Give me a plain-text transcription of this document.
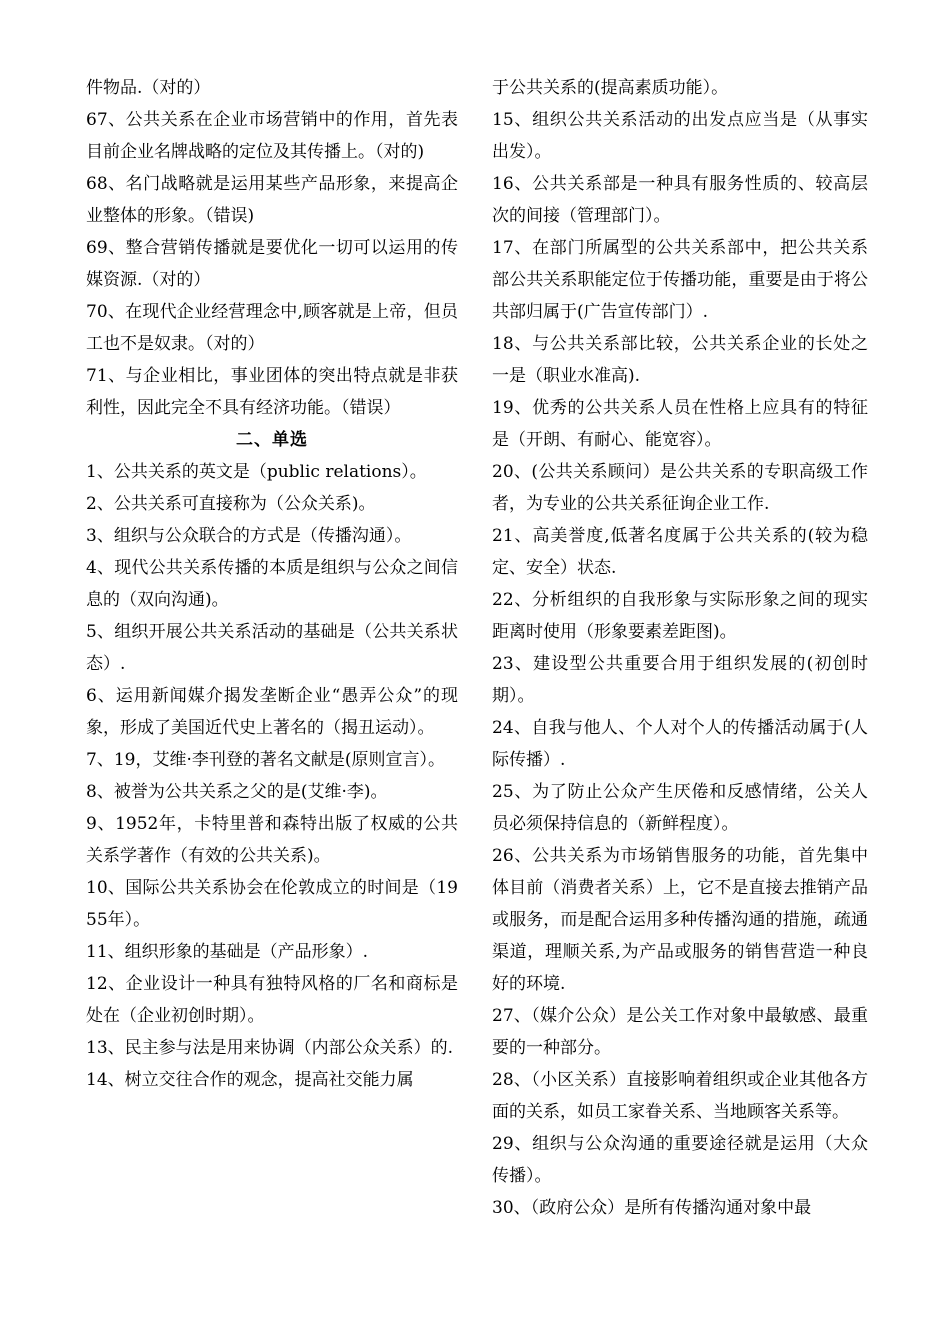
件物品.（对的）

67、公共关系在企业市场营销中的作用，首先表目前企业名牌战略的定位及其传播上。（对的)

68、名门战略就是运用某些产品形象，来提高企业整体的形象。（错误)

69、整合营销传播就是要优化一切可以运用的传媒资源.（对的）

70、在现代企业经营理念中,顾客就是上帝，但员工也不是奴隶。（对的）

71、与企业相比，事业团体的突出特点就是非获利性，因此完全不具有经济功能。（错误）

二、单选

1、公共关系的英文是（public relations）。

2、公共关系可直接称为（公众关系)。

3、组织与公众联合的方式是（传播沟通）。

4、现代公共关系传播的本质是组织与公众之间信息的（双向沟通)。

5、组织开展公共关系活动的基础是（公共关系状态）.

6、运用新闻媒介揭发垄断企业“愚弄公众”的现象，形成了美国近代史上著名的（揭丑运动）。

7、19，艾维·李刊登的著名文献是(原则宣言）。

8、被誉为公共关系之父的是(艾维·李)。

9、1952年，卡特里普和森特出版了权威的公共关系学著作（有效的公共关系)。

10、国际公共关系协会在伦敦成立的时间是（1955年）。

11、组织形象的基础是（产品形象）.

12、企业设计一种具有独特风格的厂名和商标是处在（企业初创时期）。

13、民主参与法是用来协调（内部公众关系）的.

14、树立交往合作的观念，提高社交能力属

于公共关系的(提高素质功能）。

15、组织公共关系活动的出发点应当是（从事实出发）。

16、公共关系部是一种具有服务性质的、较高层次的间接（管理部门）。

17、在部门所属型的公共关系部中，把公共关系部公共关系职能定位于传播功能，重要是由于将公共部归属于(广告宣传部门）.

18、与公共关系部比较，公共关系企业的长处之一是（职业水准高).

19、优秀的公共关系人员在性格上应具有的特征是（开朗、有耐心、能宽容）。

20、(公共关系顾问）是公共关系的专职高级工作者，为专业的公共关系征询企业工作.

21、高美誉度,低著名度属于公共关系的(较为稳定、安全）状态.

22、分析组织的自我形象与实际形象之间的现实距离时使用（形象要素差距图)。

23、建设型公共重要合用于组织发展的(初创时期）。

24、自我与他人、个人对个人的传播活动属于(人际传播）.

25、为了防止公众产生厌倦和反感情绪，公关人员必须保持信息的（新鲜程度）。

26、公共关系为市场销售服务的功能，首先集中体目前（消费者关系）上，它不是直接去推销产品或服务，而是配合运用多种传播沟通的措施，疏通渠道，理顺关系,为产品或服务的销售营造一种良好的环境.

27、（媒介公众）是公关工作对象中最敏感、最重要的一种部分。

28、（小区关系）直接影响着组织或企业其他各方面的关系，如员工家眷关系、当地顾客关系等。

29、组织与公众沟通的重要途径就是运用（大众传播）。

30、（政府公众）是所有传播沟通对象中最
